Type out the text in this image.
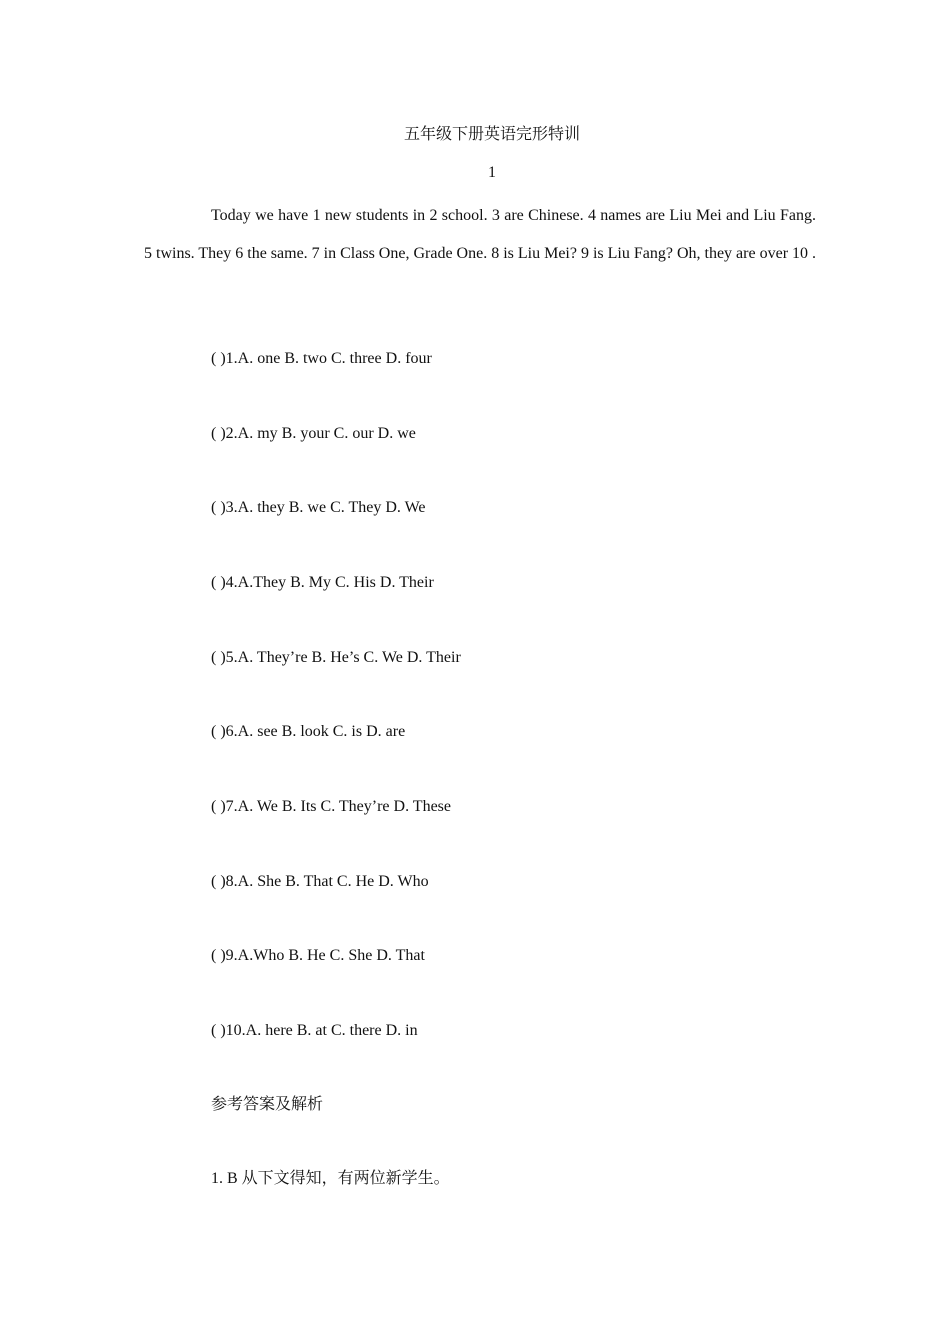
五年级下册英语完形特训
1

Today we have 1 new students in 2 school. 3 are Chinese. 4 names are Liu Mei and Liu Fang. 5 twins. They 6 the same. 7 in Class One, Grade One. 8 is Liu Mei? 9 is Liu Fang? Oh, they are over 10 .

( )1.A. one B. two C. three D. four
( )2.A. my B. your C. our D. we
( )3.A. they B. we C. They D. We
( )4.A.They B. My C. His D. Their
( )5.A. They’re B. He’s C. We D. Their
( )6.A. see B. look C. is D. are
( )7.A. We B. Its C. They’re D. These
( )8.A. She B. That C. He D. Who
( )9.A.Who B. He C. She D. That
( )10.A. here B. at C. there D. in
参考答案及解析
1. B 从下文得知，有两位新学生。
